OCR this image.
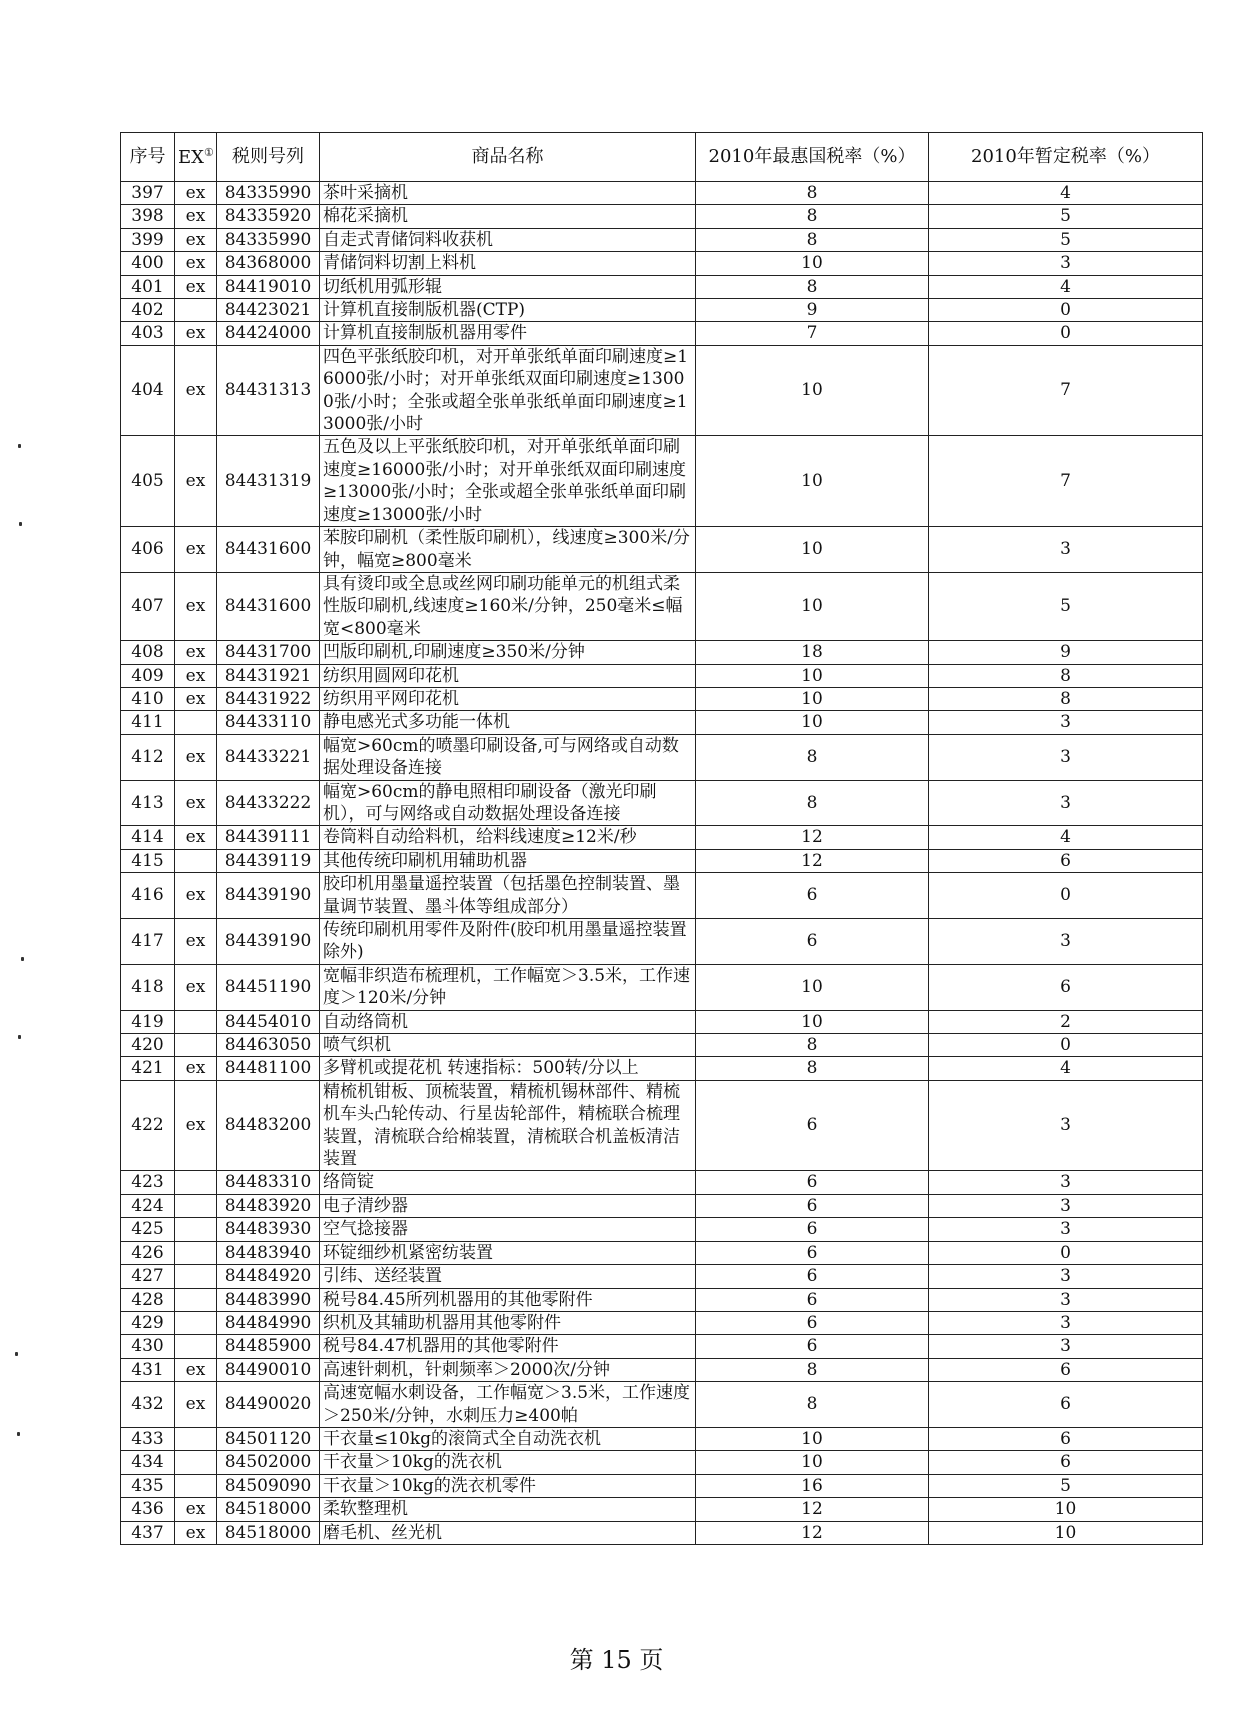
序号	EX①	税则号列	商品名称	2010年最惠国税率（%）	2010年暂定税率（%）
397	ex	84335990	茶叶采摘机	8	4
398	ex	84335920	棉花采摘机	8	5
399	ex	84335990	自走式青储饲料收获机	8	5
400	ex	84368000	青储饲料切割上料机	10	3
401	ex	84419010	切纸机用弧形辊	8	4
402		84423021	计算机直接制版机器(CTP)	9	0
403	ex	84424000	计算机直接制版机器用零件	7	0
404	ex	84431313	四色平张纸胶印机，对开单张纸单面印刷速度≥16000张/小时；对开单张纸双面印刷速度≥13000张/小时；全张或超全张单张纸单面印刷速度≥13000张/小时	10	7
405	ex	84431319	五色及以上平张纸胶印机，对开单张纸单面印刷速度≥16000张/小时；对开单张纸双面印刷速度≥13000张/小时；全张或超全张单张纸单面印刷速度≥13000张/小时	10	7
406	ex	84431600	苯胺印刷机（柔性版印刷机），线速度≥300米/分钟，幅宽≥800毫米	10	3
407	ex	84431600	具有烫印或全息或丝网印刷功能单元的机组式柔性版印刷机,线速度≥160米/分钟，250毫米≤幅宽<800毫米	10	5
408	ex	84431700	凹版印刷机,印刷速度≥350米/分钟	18	9
409	ex	84431921	纺织用圆网印花机	10	8
410	ex	84431922	纺织用平网印花机	10	8
411		84433110	静电感光式多功能一体机	10	3
412	ex	84433221	幅宽>60cm的喷墨印刷设备,可与网络或自动数据处理设备连接	8	3
413	ex	84433222	幅宽>60cm的静电照相印刷设备（激光印刷机），可与网络或自动数据处理设备连接	8	3
414	ex	84439111	卷筒料自动给料机，给料线速度≥12米/秒	12	4
415		84439119	其他传统印刷机用辅助机器	12	6
416	ex	84439190	胶印机用墨量遥控装置（包括墨色控制装置、墨量调节装置、墨斗体等组成部分）	6	0
417	ex	84439190	传统印刷机用零件及附件(胶印机用墨量遥控装置除外)	6	3
418	ex	84451190	宽幅非织造布梳理机，工作幅宽＞3.5米，工作速度＞120米/分钟	10	6
419		84454010	自动络筒机	10	2
420		84463050	喷气织机	8	0
421	ex	84481100	多臂机或提花机 转速指标：500转/分以上	8	4
422	ex	84483200	精梳机钳板、顶梳装置，精梳机锡林部件、精梳机车头凸轮传动、行星齿轮部件，精梳联合梳理装置，清梳联合给棉装置，清梳联合机盖板清洁装置	6	3
423		84483310	络筒锭	6	3
424		84483920	电子清纱器	6	3
425		84483930	空气捻接器	6	3
426		84483940	环锭细纱机紧密纺装置	6	0
427		84484920	引纬、送经装置	6	3
428		84483990	税号84.45所列机器用的其他零附件	6	3
429		84484990	织机及其辅助机器用其他零附件	6	3
430		84485900	税号84.47机器用的其他零附件	6	3
431	ex	84490010	高速针刺机，针刺频率＞2000次/分钟	8	6
432	ex	84490020	高速宽幅水刺设备，工作幅宽＞3.5米，工作速度＞250米/分钟，水刺压力≥400帕	8	6
433		84501120	干衣量≤10kg的滚筒式全自动洗衣机	10	6
434		84502000	干衣量＞10kg的洗衣机	10	6
435		84509090	干衣量＞10kg的洗衣机零件	16	5
436	ex	84518000	柔软整理机	12	10
437	ex	84518000	磨毛机、丝光机	12	10
第 15 页
